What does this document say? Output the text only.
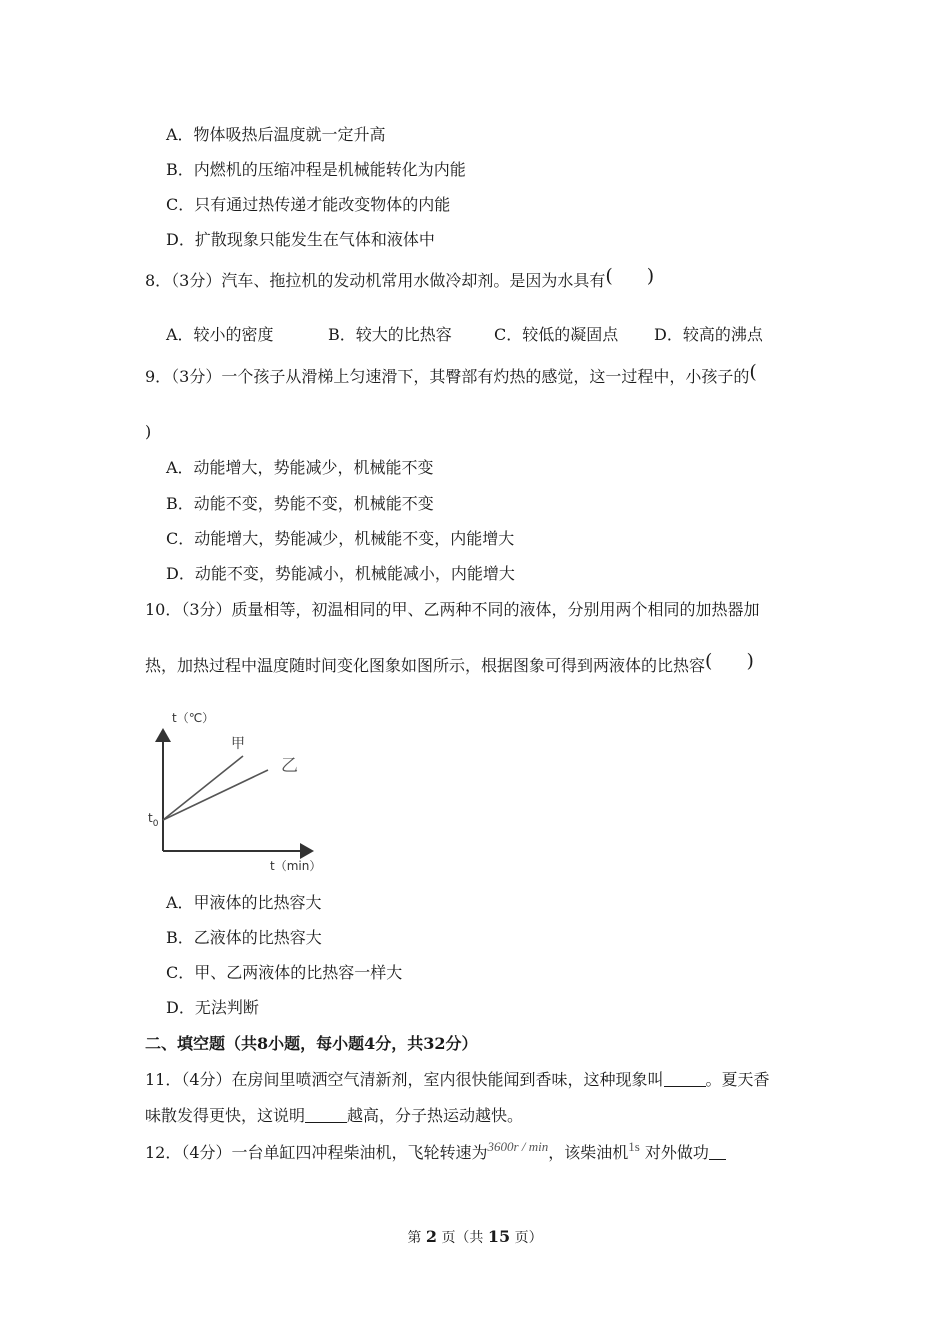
A．物体吸热后温度就一定升高
B．内燃机的压缩冲程是机械能转化为内能
C．只有通过热传递才能改变物体的内能
D．扩散现象只能发生在气体和液体中
8．（3分）汽车、拖拉机的发动机常用水做冷却剂。是因为水具有( )
A．较小的密度	B．较大的比热容	C．较低的凝固点 D．较高的沸点
9．（3分）一个孩子从滑梯上匀速滑下，其臀部有灼热的感觉，这一过程中，小孩子的(
)
A．动能增大，势能减少，机械能不变
B．动能不变，势能不变，机械能不变
C．动能增大，势能减少，机械能不变，内能增大
D．动能不变，势能减小，机械能减小，内能增大
10．（3分）质量相等，初温相同的甲、乙两种不同的液体，分别用两个相同的加热器加
热，加热过程中温度随时间变化图象如图所示，根据图象可得到两液体的比热容( )
t（℃）
t（min）
$t_0$
甲
乙
A．甲液体的比热容大
B．乙液体的比热容大
C．甲、乙两液体的比热容一样大
D．无法判断
二、填空题（共8小题，每小题4分，共32分）
11．（4分）在房间里喷洒空气清新剂，室内很快能闻到香味，这种现象叫	。夏天香
味散发得更快，这说明	越高，分子热运动越快。
12．（4分）一台单缸四冲程柴油机，飞轮转速为$^{3600r / min}$，该柴油机$^{1s}$ 对外做功
第 2 页（共 15 页）
